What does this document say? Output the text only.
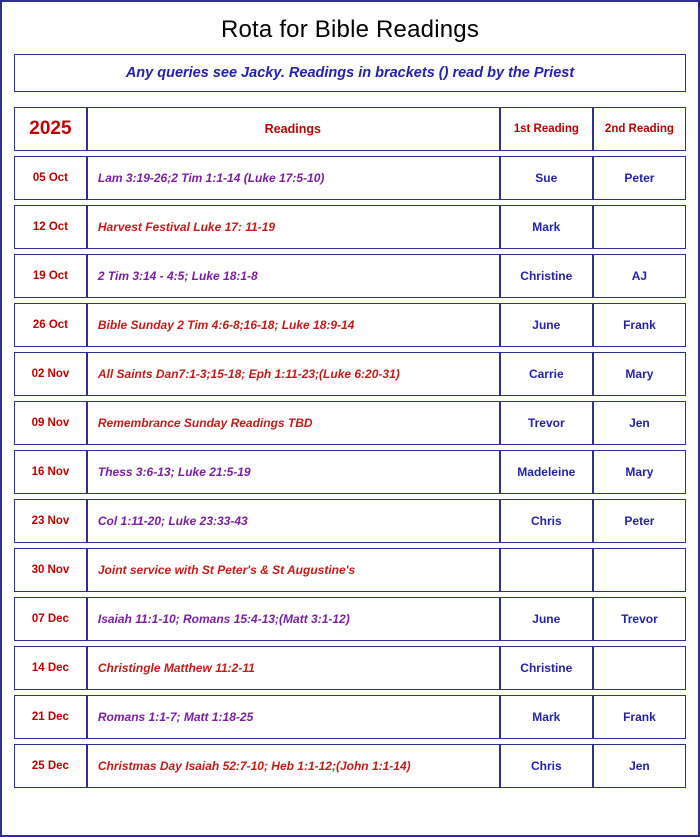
Rota for Bible Readings
Any queries see Jacky. Readings in brackets () read by the Priest
2025	Readings	1st Reading	2nd Reading
05 Oct	Lam 3:19-26;2 Tim 1:1-14 (Luke 17:5-10)	Sue	Peter
12 Oct	Harvest Festival Luke 17: 11-19	Mark	
19 Oct	2 Tim 3:14 - 4:5; Luke 18:1-8	Christine	AJ
26 Oct	Bible Sunday 2 Tim 4:6-8;16-18; Luke 18:9-14	June	Frank
02 Nov	All Saints Dan7:1-3;15-18; Eph 1:11-23;(Luke 6:20-31)	Carrie	Mary
09 Nov	Remembrance Sunday Readings TBD	Trevor	Jen
16 Nov	Thess 3:6-13; Luke 21:5-19	Madeleine	Mary
23 Nov	Col 1:11-20; Luke 23:33-43	Chris	Peter
30 Nov	Joint service with St Peter's & St Augustine's		
07 Dec	Isaiah 11:1-10; Romans 15:4-13;(Matt 3:1-12)	June	Trevor
14 Dec	Christingle Matthew 11:2-11	Christine	
21 Dec	Romans 1:1-7; Matt 1:18-25	Mark	Frank
25 Dec	Christmas Day Isaiah 52:7-10; Heb 1:1-12;(John 1:1-14)	Chris	Jen
